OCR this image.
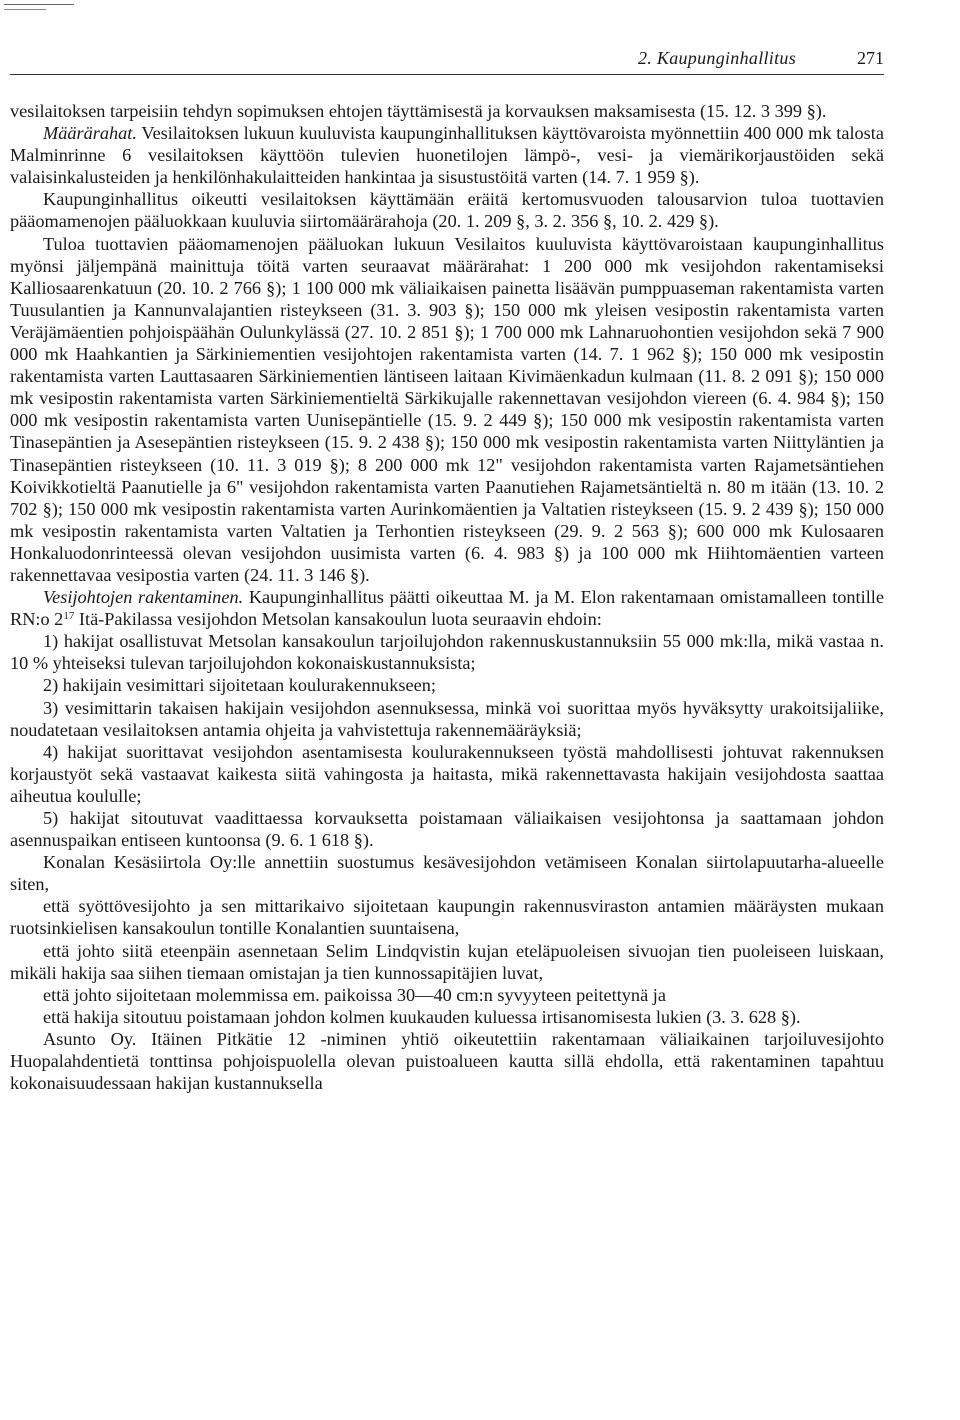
2. Kaupunginhallitus	271

vesilaitoksen tarpeisiin tehdyn sopimuksen ehtojen täyttämisestä ja korvauksen maksamisesta (15. 12. 3 399 §).

Määrärahat. Vesilaitoksen lukuun kuuluvista kaupunginhallituksen käyttövaroista myönnettiin 400 000 mk talosta Malminrinne 6 vesilaitoksen käyttöön tulevien huonetilojen lämpö-, vesi- ja viemärikorjaustöiden sekä valaisinkalusteiden ja henkilönhakulaitteiden hankintaa ja sisustustöitä varten (14. 7. 1 959 §).

Kaupunginhallitus oikeutti vesilaitoksen käyttämään eräitä kertomusvuoden talousarvion tuloa tuottavien pääomamenojen pääluokkaan kuuluvia siirtomäärärahoja (20. 1. 209 §, 3. 2. 356 §, 10. 2. 429 §).

Tuloa tuottavien pääomamenojen pääluokan lukuun Vesilaitos kuuluvista käyttövaroistaan kaupunginhallitus myönsi jäljempänä mainittuja töitä varten seuraavat määrärahat: 1 200 000 mk vesijohdon rakentamiseksi Kalliosaarenkatuun (20. 10. 2 766 §); 1 100 000 mk väliaikaisen painetta lisäävän pumppuaseman rakentamista varten Tuusulantien ja Kannunvalajantien risteykseen (31. 3. 903 §); 150 000 mk yleisen vesipostin rakentamista varten Veräjämäentien pohjoispäähän Oulunkylässä (27. 10. 2 851 §); 1 700 000 mk Lahnaruohontien vesijohdon sekä 7 900 000 mk Haahkantien ja Särkiniementien vesijohtojen rakentamista varten (14. 7. 1 962 §); 150 000 mk vesipostin rakentamista varten Lauttasaaren Särkiniementien läntiseen laitaan Kivimäenkadun kulmaan (11. 8. 2 091 §); 150 000 mk vesipostin rakentamista varten Särkiniementieltä Särkikujalle rakennettavan vesijohdon viereen (6. 4. 984 §); 150 000 mk vesipostin rakentamista varten Uunisepäntielle (15. 9. 2 449 §); 150 000 mk vesipostin rakentamista varten Tinasepäntien ja Asesepäntien risteykseen (15. 9. 2 438 §); 150 000 mk vesipostin rakentamista varten Niittyläntien ja Tinasepäntien risteykseen (10. 11. 3 019 §); 8 200 000 mk 12" vesijohdon rakentamista varten Rajametsäntiehen Koivikkotieltä Paanutielle ja 6" vesijohdon rakentamista varten Paanutiehen Rajametsäntieltä n. 80 m itään (13. 10. 2 702 §); 150 000 mk vesipostin rakentamista varten Aurinkomäentien ja Valtatien risteykseen (15. 9. 2 439 §); 150 000 mk vesipostin rakentamista varten Valtatien ja Terhontien risteykseen (29. 9. 2 563 §); 600 000 mk Kulosaaren Honkaluodonrinteessä olevan vesijohdon uusimista varten (6. 4. 983 §) ja 100 000 mk Hiihtomäentien varteen rakennettavaa vesipostia varten (24. 11. 3 146 §).

Vesijohtojen rakentaminen. Kaupunginhallitus päätti oikeuttaa M. ja M. Elon rakentamaan omistamalleen tontille RN:o $2^{17}$ Itä-Pakilassa vesijohdon Metsolan kansakoulun luota seuraavin ehdoin:

1) hakijat osallistuvat Metsolan kansakoulun tarjoilujohdon rakennuskustannuksiin 55 000 mk:lla, mikä vastaa n. 10 % yhteiseksi tulevan tarjoilujohdon kokonaiskustannuksista;

2) hakijain vesimittari sijoitetaan koulurakennukseen;

3) vesimittarin takaisen hakijain vesijohdon asennuksessa, minkä voi suorittaa myös hyväksytty urakoitsijaliike, noudatetaan vesilaitoksen antamia ohjeita ja vahvistettuja rakennemääräyksiä;

4) hakijat suorittavat vesijohdon asentamisesta koulurakennukseen työstä mahdollisesti johtuvat rakennuksen korjaustyöt sekä vastaavat kaikesta siitä vahingosta ja haitasta, mikä rakennettavasta hakijain vesijohdosta saattaa aiheutua koululle;

5) hakijat sitoutuvat vaadittaessa korvauksetta poistamaan väliaikaisen vesijohtonsa ja saattamaan johdon asennuspaikan entiseen kuntoonsa (9. 6. 1 618 §).

Konalan Kesäsiirtola Oy:lle annettiin suostumus kesävesijohdon vetämiseen Konalan siirtolapuutarha-alueelle siten,

että syöttövesijohto ja sen mittarikaivo sijoitetaan kaupungin rakennusviraston antamien määräysten mukaan ruotsinkielisen kansakoulun tontille Konalantien suuntaisena,

että johto siitä eteenpäin asennetaan Selim Lindqvistin kujan eteläpuoleisen sivuojan tien puoleiseen luiskaan, mikäli hakija saa siihen tiemaan omistajan ja tien kunnossapitäjien luvat,

että johto sijoitetaan molemmissa em. paikoissa 30—40 cm:n syvyyteen peitettynä ja

että hakija sitoutuu poistamaan johdon kolmen kuukauden kuluessa irtisanomisesta lukien (3. 3. 628 §).

Asunto Oy. Itäinen Pitkätie 12 -niminen yhtiö oikeutettiin rakentamaan väliaikainen tarjoiluvesijohto Huopalahdentietä tonttinsa pohjoispuolella olevan puistoalueen kautta sillä ehdolla, että rakentaminen tapahtuu kokonaisuudessaan hakijan kustannuksella
